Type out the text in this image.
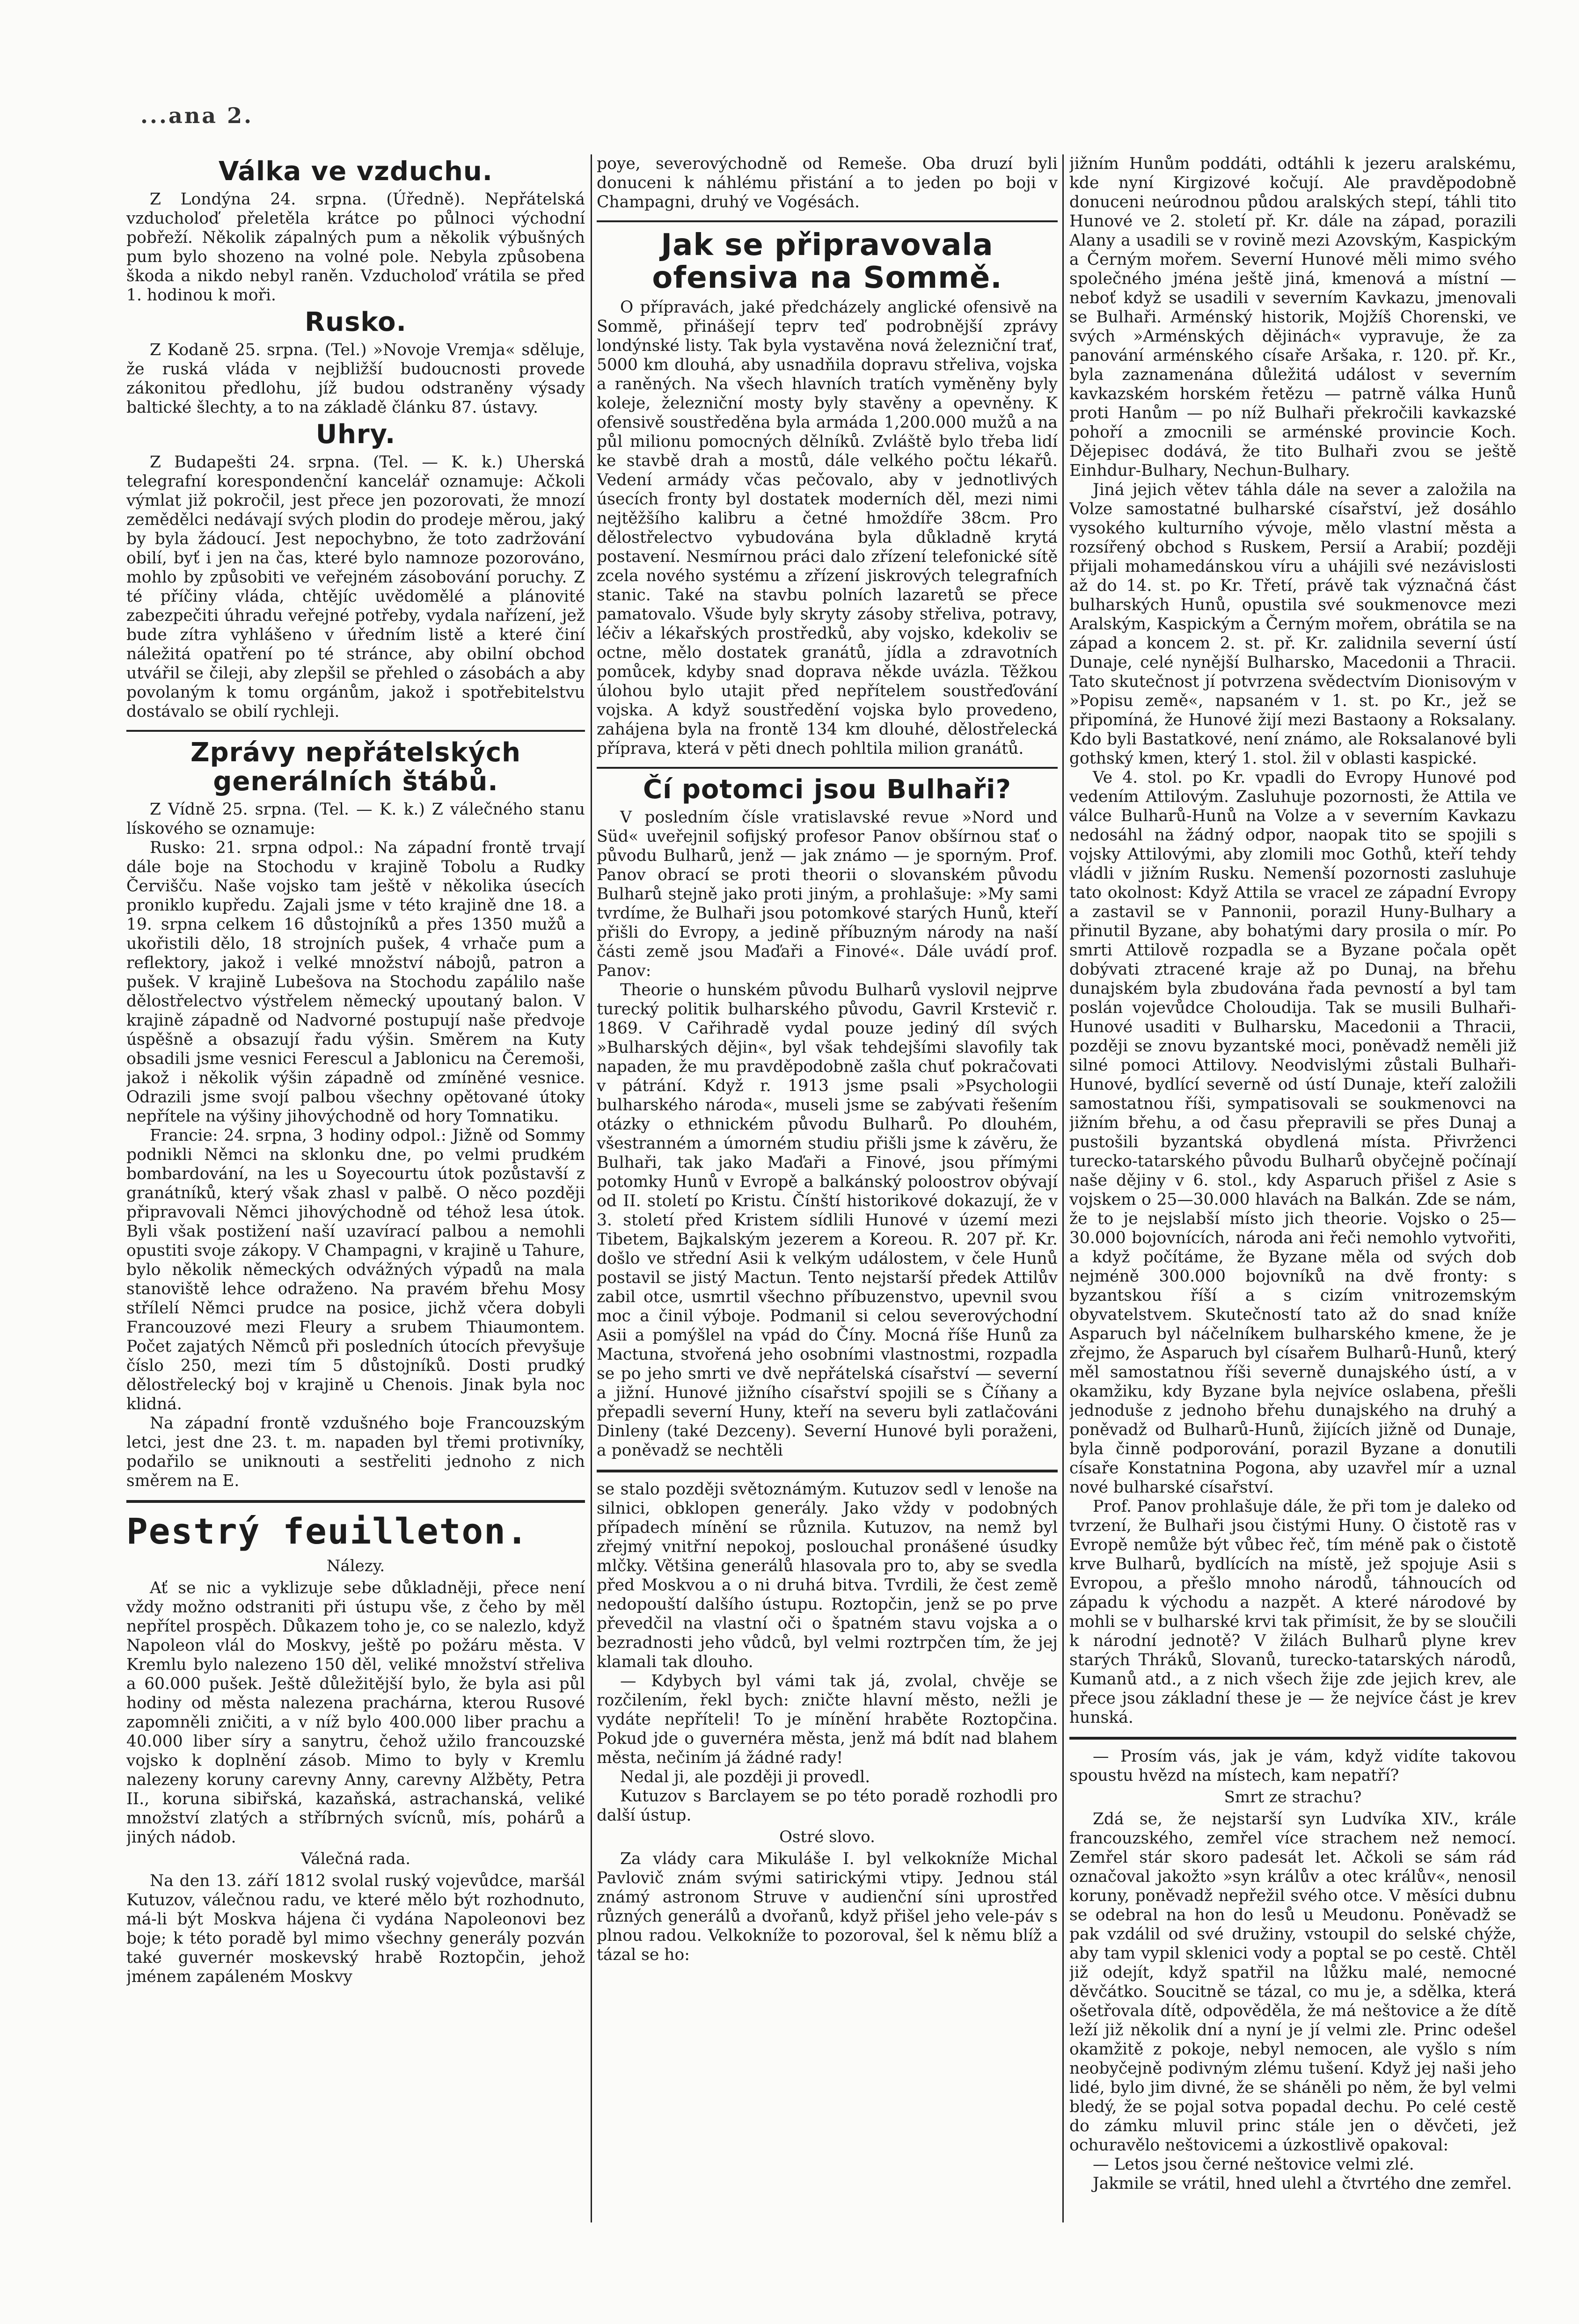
...ana 2.
Válka ve vzduchu.

Z Londýna 24. srpna. (Úředně). Nepřátelská vzducholoď přeletěla krátce po půlnoci východní pobřeží. Několik zápalných pum a několik výbušných pum bylo shozeno na volné pole. Nebyla způsobena škoda a nikdo nebyl raněn. Vzducholoď vrátila se před 1. hodinou k moři.

Rusko.

Z Kodaně 25. srpna. (Tel.) »Novoje Vremja« sděluje, že ruská vláda v nejbližší budoucnosti provede zákonitou předlohu, jíž budou odstraněny výsady baltické šlechty, a to na základě článku 87. ústavy.

Uhry.

Z Budapešti 24. srpna. (Tel. — K. k.) Uherská telegrafní korespondenční kancelář oznamuje: Ačkoli výmlat již pokročil, jest přece jen pozorovati, že mnozí zemědělci nedávají svých plodin do prodeje měrou, jaký by byla žádoucí. Jest nepochybno, že toto zadržování obilí, byť i jen na čas, které bylo namnoze pozorováno, mohlo by způsobiti ve veřejném zásobování poruchy. Z té příčiny vláda, chtějíc uvědomělé a plánovité zabezpečiti úhradu veřejné potřeby, vydala nařízení, jež bude zítra vyhlášeno v úředním listě a které činí náležitá opatření po té stránce, aby obilní obchod utvářil se čileji, aby zlepšil se přehled o zásobách a aby povolaným k tomu orgánům, jakož i spotřebitelstvu dostávalo se obilí rychleji.

Zprávy nepřátelských generálních štábů.

Z Vídně 25. srpna. (Tel. — K. k.) Z válečného stanu lískového se oznamuje:

Rusko: 21. srpna odpol.: Na západní frontě trvají dále boje na Stochodu v krajině Tobolu a Rudky Červišču. Naše vojsko tam ještě v několika úsecích proniklo kupředu. Zajali jsme v této krajině dne 18. a 19. srpna celkem 16 důstojníků a přes 1350 mužů a ukořistili dělo, 18 strojních pušek, 4 vrhače pum a reflektory, jakož i velké množství nábojů, patron a pušek. V krajině Lubešova na Stochodu zapálilo naše dělostřelectvo výstřelem německý upoutaný balon. V krajině západně od Nadvorné postupují naše předvoje úspěšně a obsazují řadu výšin. Směrem na Kuty obsadili jsme vesnici Ferescul a Jablonicu na Čeremoši, jakož i několik výšin západně od zmíněné vesnice. Odrazili jsme svojí palbou všechny opětované útoky nepřítele na výšiny jihovýchodně od hory Tomnatiku.

Francie: 24. srpna, 3 hodiny odpol.: Jižně od Sommy podnikli Němci na sklonku dne, po velmi prudkém bombardování, na les u Soyecourtu útok pozůstavší z granátníků, který však zhasl v palbě. O něco později připravovali Němci jihovýchodně od téhož lesa útok. Byli však postižení naší uzavírací palbou a nemohli opustiti svoje zákopy. V Champagni, v krajině u Tahure, bylo několik německých odvážných výpadů na mala stanoviště lehce odraženo. Na pravém břehu Mosy střílelí Němci prudce na posice, jichž včera dobyli Francouzové mezi Fleury a srubem Thiaumontem. Počet zajatých Němců při posledních útocích převyšuje číslo 250, mezi tím 5 důstojníků. Dosti prudký dělostřelecký boj v krajině u Chenois. Jinak byla noc klidná.

Na západní frontě vzdušného boje Francouzským letci, jest dne 23. t. m. napaden byl třemi protivníky, podařilo se uniknouti a sestřeliti jednoho z nich směrem na E.

Pestrý feuilleton.
Nálezy.

Ať se nic a vyklizuje sebe důkladněji, přece není vždy možno odstraniti při ústupu vše, z čeho by měl nepřítel prospěch. Důkazem toho je, co se nalezlo, když Napoleon vlál do Moskvy, ještě po požáru města. V Kremlu bylo nalezeno 150 děl, veliké množství střeliva a 60.000 pušek. Ještě důležitější bylo, že byla asi půl hodiny od města nalezena prachárna, kterou Rusové zapomněli zničiti, a v níž bylo 400.000 liber prachu a 40.000 liber síry a sanytru, čehož užilo francouzské vojsko k doplnění zásob. Mimo to byly v Kremlu nalezeny koruny carevny Anny, carevny Alžběty, Petra II., koruna sibiřská, kazaňská, astrachanská, veliké množství zlatých a stříbrných svícnů, mís, pohárů a jiných nádob.

Válečná rada.

Na den 13. září 1812 svolal ruský vojevůdce, maršál Kutuzov, válečnou radu, ve které mělo být rozhodnuto, má-li být Moskva hájena či vydána Napoleonovi bez boje; k této poradě byl mimo všechny generály pozván také guvernér moskevský hrabě Roztopčin, jehož jménem zapáleném Moskvy

poye, severovýchodně od Remeše. Oba druzí byli donuceni k náhlému přistání a to jeden po boji v Champagni, druhý ve Vogésách.

Jak se připravovala ofensiva na Sommě.

O přípravách, jaké předcházely anglické ofensivě na Sommě, přinášejí teprv teď podrobnější zprávy londýnské listy. Tak byla vystavěna nová železniční trať, 5000 km dlouhá, aby usnadňila dopravu střeliva, vojska a raněných. Na všech hlavních tratích vyměněny byly koleje, železniční mosty byly stavěny a opevněny. K ofensivě soustředěna byla armáda 1,200.000 mužů a na půl milionu pomocných dělníků. Zvláště bylo třeba lidí ke stavbě drah a mostů, dále velkého počtu lékařů. Vedení armády včas pečovalo, aby v jednotlivých úsecích fronty byl dostatek moderních děl, mezi nimi nejtěžšího kalibru a četné hmoždíře 38cm. Pro dělostřelectvo vybudována byla důkladně krytá postavení. Nesmírnou práci dalo zřízení telefonické sítě zcela nového systému a zřízení jiskrových telegrafních stanic. Také na stavbu polních lazaretů se přece pamatovalo. Všude byly skryty zásoby střeliva, potravy, léčiv a lékařských prostředků, aby vojsko, kdekoliv se octne, mělo dostatek granátů, jídla a zdravotních pomůcek, kdyby snad doprava někde uvázla. Těžkou úlohou bylo utajit před nepřítelem soustřeďování vojska. A když soustředění vojska bylo provedeno, zahájena byla na frontě 134 km dlouhé, dělostřelecká příprava, která v pěti dnech pohltila milion granátů.

Čí potomci jsou Bulhaři?

V posledním čísle vratislavské revue »Nord und Süd« uveřejnil sofijský profesor Panov obšírnou stať o původu Bulharů, jenž — jak známo — je sporným. Prof. Panov obrací se proti theorii o slovanském původu Bulharů stejně jako proti jiným, a prohlašuje: »My sami tvrdíme, že Bulhaři jsou potomkové starých Hunů, kteří přišli do Evropy, a jedině příbuzným národy na naší části země jsou Maďaři a Finové«. Dále uvádí prof. Panov:

Theorie o hunském původu Bulharů vyslovil nejprve turecký politik bulharského původu, Gavril Krstevič r. 1869. V Cařihradě vydal pouze jediný díl svých »Bulharských dějin«, byl však tehdejšími slavofily tak napaden, že mu pravděpodobně zašla chuť pokračovati v pátrání. Když r. 1913 jsme psali »Psychologii bulharského národa«, museli jsme se zabývati řešením otázky o ethnickém původu Bulharů. Po dlouhém, všestranném a úmorném studiu přišli jsme k závěru, že Bulhaři, tak jako Maďaři a Finové, jsou přímými potomky Hunů v Evropě a balkánský poloostrov obývají od II. století po Kristu. Čínští historikové dokazují, že v 3. století před Kristem sídlili Hunové v území mezi Tibetem, Bajkalským jezerem a Koreou. R. 207 př. Kr. došlo ve střední Asii k velkým událostem, v čele Hunů postavil se jistý Mactun. Tento nejstarší předek Attilův zabil otce, usmrtil všechno příbuzenstvo, upevnil svou moc a činil výboje. Podmanil si celou severovýchodní Asii a pomýšlel na vpád do Číny. Mocná říše Hunů za Mactuna, stvořená jeho osobními vlastnostmi, rozpadla se po jeho smrti ve dvě nepřátelská císařství — severní a jižní. Hunové jižního císařství spojili se s Číňany a přepadli severní Huny, kteří na severu byli zatlačováni Dinleny (také Dezceny). Severní Hunové byli poraženi, a poněvadž se nechtěli

se stalo později světoznámým. Kutuzov sedl v lenoše na silnici, obklopen generály. Jako vždy v podobných případech mínění se různila. Kutuzov, na nemž byl zřejmý vnitřní nepokoj, poslouchal pronášené úsudky mlčky. Většina generálů hlasovala pro to, aby se svedla před Moskvou a o ni druhá bitva. Tvrdili, že čest země nedopouští dalšího ústupu. Roztopčin, jenž se po prve převedčil na vlastní oči o špatném stavu vojska a o bezradnosti jeho vůdců, byl velmi roztrpčen tím, že jej klamali tak dlouho.

— Kdybych byl vámi tak já, zvolal, chvěje se rozčilením, řekl bych: zničte hlavní město, nežli je vydáte nepříteli! To je mínění hraběte Roztopčina. Pokud jde o guvernéra města, jenž má bdít nad blahem města, nečiním já žádné rady!

Nedal ji, ale později ji provedl.

Kutuzov s Barclayem se po této poradě rozhodli pro další ústup.

Ostré slovo.

Za vlády cara Mikuláše I. byl velkokníže Michal Pavlovič znám svými satirickými vtipy. Jednou stál známý astronom Struve v audienční síni uprostřed různých generálů a dvořanů, když přišel jeho vele-páv s plnou radou. Velkokníže to pozoroval, šel k němu blíž a tázal se ho:

jižním Hunům poddáti, odtáhli k jezeru aralskému, kde nyní Kirgizové kočují. Ale pravděpodobně donuceni neúrodnou půdou aralských stepí, táhli tito Hunové ve 2. století př. Kr. dále na západ, porazili Alany a usadili se v rovině mezi Azovským, Kaspickým a Černým mořem. Severní Hunové měli mimo svého společného jména ještě jiná, kmenová a místní — neboť když se usadili v severním Kavkazu, jmenovali se Bulhaři. Arménský historik, Mojžíš Chorenski, ve svých »Arménských dějinách« vypravuje, že za panování arménského císaře Aršaka, r. 120. př. Kr., byla zaznamenána důležitá událost v severním kavkazském horském řetězu — patrně válka Hunů proti Hanům — po níž Bulhaři překročili kavkazské pohoří a zmocnili se arménské provincie Koch. Dějepisec dodává, že tito Bulhaři zvou se ještě Einhdur-Bulhary, Nechun-Bulhary.

Jiná jejich větev táhla dále na sever a založila na Volze samostatné bulharské císařství, jež dosáhlo vysokého kulturního vývoje, mělo vlastní města a rozsířený obchod s Ruskem, Persií a Arabií; později přijali mohamedánskou víru a uhájili své nezávislosti až do 14. st. po Kr. Třetí, právě tak význačná část bulharských Hunů, opustila své soukmenovce mezi Aralským, Kaspickým a Černým mořem, obrátila se na západ a koncem 2. st. př. Kr. zalidnila severní ústí Dunaje, celé nynější Bulharsko, Macedonii a Thracii. Tato skutečnost jí potvrzena svědectvím Dionisovým v »Popisu země«, napsaném v 1. st. po Kr., jež se připomíná, že Hunové žijí mezi Bastaony a Roksalany. Kdo byli Bastatkové, není známo, ale Roksalanové byli gothský kmen, který 1. stol. žil v oblasti kaspické.

Ve 4. stol. po Kr. vpadli do Evropy Hunové pod vedením Attilovým. Zasluhuje pozornosti, že Attila ve válce Bulharů-Hunů na Volze a v severním Kavkazu nedosáhl na žádný odpor, naopak tito se spojili s vojsky Attilovými, aby zlomili moc Gothů, kteří tehdy vládli v jižním Rusku. Nemenší pozornosti zasluhuje tato okolnost: Když Attila se vracel ze západní Evropy a zastavil se v Pannonii, porazil Huny-Bulhary a přinutil Byzane, aby bohatými dary prosila o mír. Po smrti Attilově rozpadla se a Byzane počala opět dobývati ztracené kraje až po Dunaj, na břehu dunajském byla zbudována řada pevností a byl tam poslán vojevůdce Choloudija. Tak se musili Bulhaři-Hunové usaditi v Bulharsku, Macedonii a Thracii, později se znovu byzantské moci, poněvadž neměli již silné pomoci Attilovy. Neodvislými zůstali Bulhaři-Hunové, bydlící severně od ústí Dunaje, kteří založili samostatnou říši, sympatisovali se soukmenovci na jižním břehu, a od času přepravili se přes Dunaj a pustošili byzantská obydlená místa. Přivrženci turecko-tatarského původu Bulharů obyčejně počínají naše dějiny v 6. stol., kdy Asparuch přišel z Asie s vojskem o 25—30.000 hlavách na Balkán. Zde se nám, že to je nejslabší místo jich theorie. Vojsko o 25—30.000 bojovnících, národa ani řeči nemohlo vytvořiti, a když počítáme, že Byzane měla od svých dob nejméně 300.000 bojovníků na dvě fronty: s byzantskou říší a s cizím vnitrozemským obyvatelstvem. Skutečností tato až do snad kníže Asparuch byl náčelníkem bulharského kmene, že je zřejmo, že Asparuch byl císařem Bulharů-Hunů, který měl samostatnou říši severně dunajského ústí, a v okamžiku, kdy Byzane byla nejvíce oslabena, přešli jednoduše z jednoho břehu dunajského na druhý a poněvadž od Bulharů-Hunů, žijících jižně od Dunaje, byla činně podporování, porazil Byzane a donutili císaře Konstatnina Pogona, aby uzavřel mír a uznal nové bulharské císařství.

Prof. Panov prohlašuje dále, že při tom je daleko od tvrzení, že Bulhaři jsou čistými Huny. O čistotě ras v Evropě nemůže být vůbec řeč, tím méně pak o čistotě krve Bulharů, bydlících na místě, jež spojuje Asii s Evropou, a přešlo mnoho národů, táhnoucích od západu k východu a nazpět. A které národové by mohli se v bulharské krvi tak přimísit, že by se sloučili k národní jednotě? V žilách Bulharů plyne krev starých Thráků, Slovanů, turecko-tatarských národů, Kumanů atd., a z nich všech žije zde jejich krev, ale přece jsou základní these je — že nejvíce část je krev hunská.

— Prosím vás, jak je vám, když vidíte takovou spoustu hvězd na místech, kam nepatří?

Smrt ze strachu?

Zdá se, že nejstarší syn Ludvíka XIV., krále francouzského, zemřel více strachem než nemocí. Zemřel stár skoro padesát let. Ačkoli se sám rád označoval jakožto »syn králův a otec králův«, nenosil koruny, poněvadž nepřežil svého otce. V měsíci dubnu se odebral na hon do lesů u Meudonu. Poněvadž se pak vzdálil od své družiny, vstoupil do selské chýže, aby tam vypil sklenici vody a poptal se po cestě. Chtěl již odejít, když spatřil na lůžku malé, nemocné děvčátko. Soucitně se tázal, co mu je, a sdělka, která ošetřovala dítě, odpověděla, že má neštovice a že dítě leží již několik dní a nyní je jí velmi zle. Princ odešel okamžitě z pokoje, nebyl nemocen, ale vyšlo s ním neobyčejně podivným zlému tušení. Když jej naši jeho lidé, bylo jim divné, že se sháněli po něm, že byl velmi bledý, že se pojal sotva popadal dechu. Po celé cestě do zámku mluvil princ stále jen o děvčeti, jež ochuravělo neštovicemi a úzkostlivě opakoval:

— Letos jsou černé neštovice velmi zlé.

Jakmile se vrátil, hned ulehl a čtvrtého dne zemřel.
